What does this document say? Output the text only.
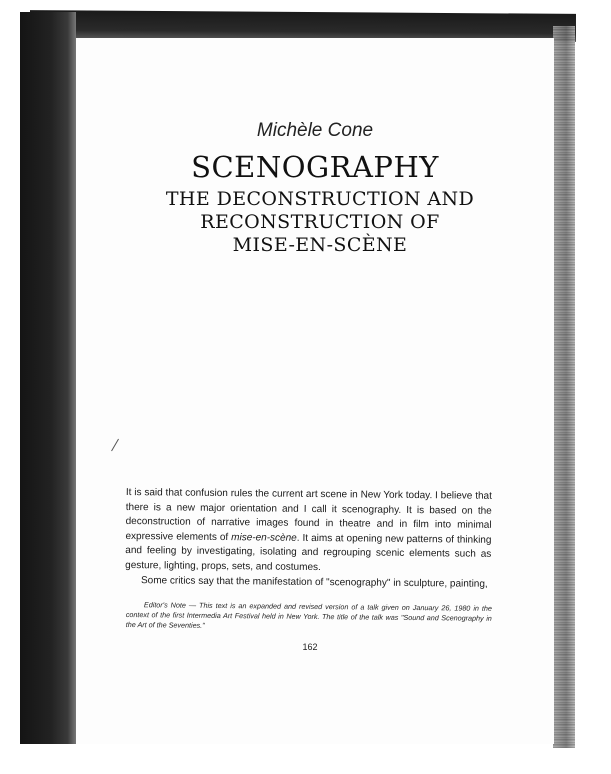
Michèle Cone
SCENOGRAPHY
THE DECONSTRUCTION AND
RECONSTRUCTION OF
MISE-EN-SCÈNE

It is said that confusion rules the current art scene in New York today. I believe that there is a new major orientation and I call it scenography. It is based on the deconstruction of narrative images found in theatre and in film into minimal expressive elements of mise-en-scène. It aims at opening new patterns of thinking and feeling by investigating, isolating and regrouping scenic elements such as gesture, lighting, props, sets, and costumes.

Some critics say that the manifestation of "scenography" in sculpture, painting,

Editor's Note — This text is an expanded and revised version of a talk given on January 26, 1980 in the context of the first Intermedia Art Festival held in New York. The title of the talk was "Sound and Scenography in the Art of the Seventies."
162
